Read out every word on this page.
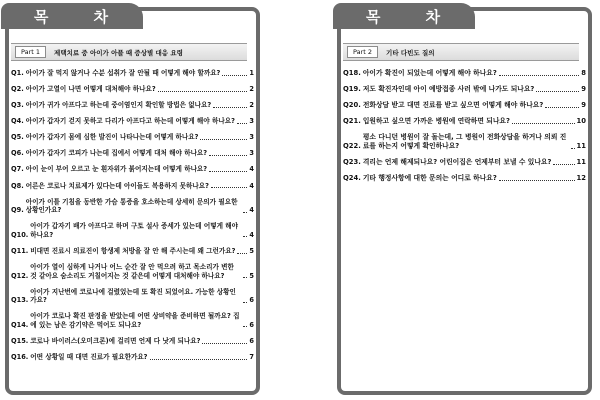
목 차
Part 1	제택치료 중 아이가 아플 때 증상별 대응 요령
Q1. 아이가 잘 먹지 않거나 수분 섭취가 잘 안될 때 어떻게 해야 할까요?	1
Q2. 아이가 고열이 나면 어떻게 대처해야 하나요?	2
Q3. 아이가 귀가 아프다고 하는데 중이염인지 확인할 방법은 없나요?	2
Q4. 아이가 갑자기 걷지 못하고 다리가 아프다고 하는데 어떻게 해야 하나요? 3
Q5. 아이가 갑자기 몸에 심한 발진이 나타나는데 어떻게 하나요?	3
Q6. 아이가 갑자기 코피가 나는데 집에서 어떻게 대처 해야 하나요?	3
Q7. 아이 눈이 부어 오르고 눈 흰자위가 붉어지는데 어떻게 하나요?	4
Q8. 어른은 코로나 치료제가 있다는데 아이들도 복용하지 못하나요?	4
Q9.
아이가 이틀 기침을 동반한 가슴 통증을 호소하는데 상세히 문의가 필요한 상황인가요?	4
Q10.
아이가 갑자기 배가 아프다고 하며 구토 설사 증세가 있는데 어떻게 해야 하나요?	4
Q11. 비대면 진료시 의료진이 항생제 처방을 잘 안 해 주시는데 왜 그런가요? 5
Q12.
아이가 열이 심하게 나거나 어느 순간 잘 안 먹으려 하고 목소리가 변한 것 같아요 숨소리도 거칠어지는 것 같은데 어떻게 대처해야 하나요?	5
Q13.
아이가 지난번에 코로나에 걸렸었는데 또 확진 되었어요. 가능한 상황인가요?	6
Q14.
아이가 코로나 확진 판정을 받았는데 어떤 상비약을 준비하면 될까요? 집에 있는 남은 감기약은 먹어도 되나요?	6
Q15. 코로나 바이러스(오미크론)에 걸리면 언제 다 낫게 되나요?	6
Q16. 어떤 상황일 때 대면 진료가 필요한가요?	7
목 차
Part 2	기타 다빈도 질의
Q18. 아이가 확진이 되었는데 어떻게 해야 하나요?	8
Q19. 저도 확진자인데 아이 예방접종 사러 밖에 나가도 되나요?	9
Q20. 전화상담 받고 대면 진료를 받고 싶으면 어떻게 해야 하나요?	9
Q21. 입원하고 싶으면 가까운 병원에 연락하면 되나요?	10
Q22.
평소 다니던 병원이 잘 돌는데, 그 병원이 전화상담을 하거나 의뢰 진료를 하는지 어떻게 확인하나요?	11
Q23. 격리는 언제 해제되나요? 어린이집은 언제부터 보낼 수 있나요?	11
Q24. 기타 행정사항에 대한 문의는 어디로 하나요?	12
